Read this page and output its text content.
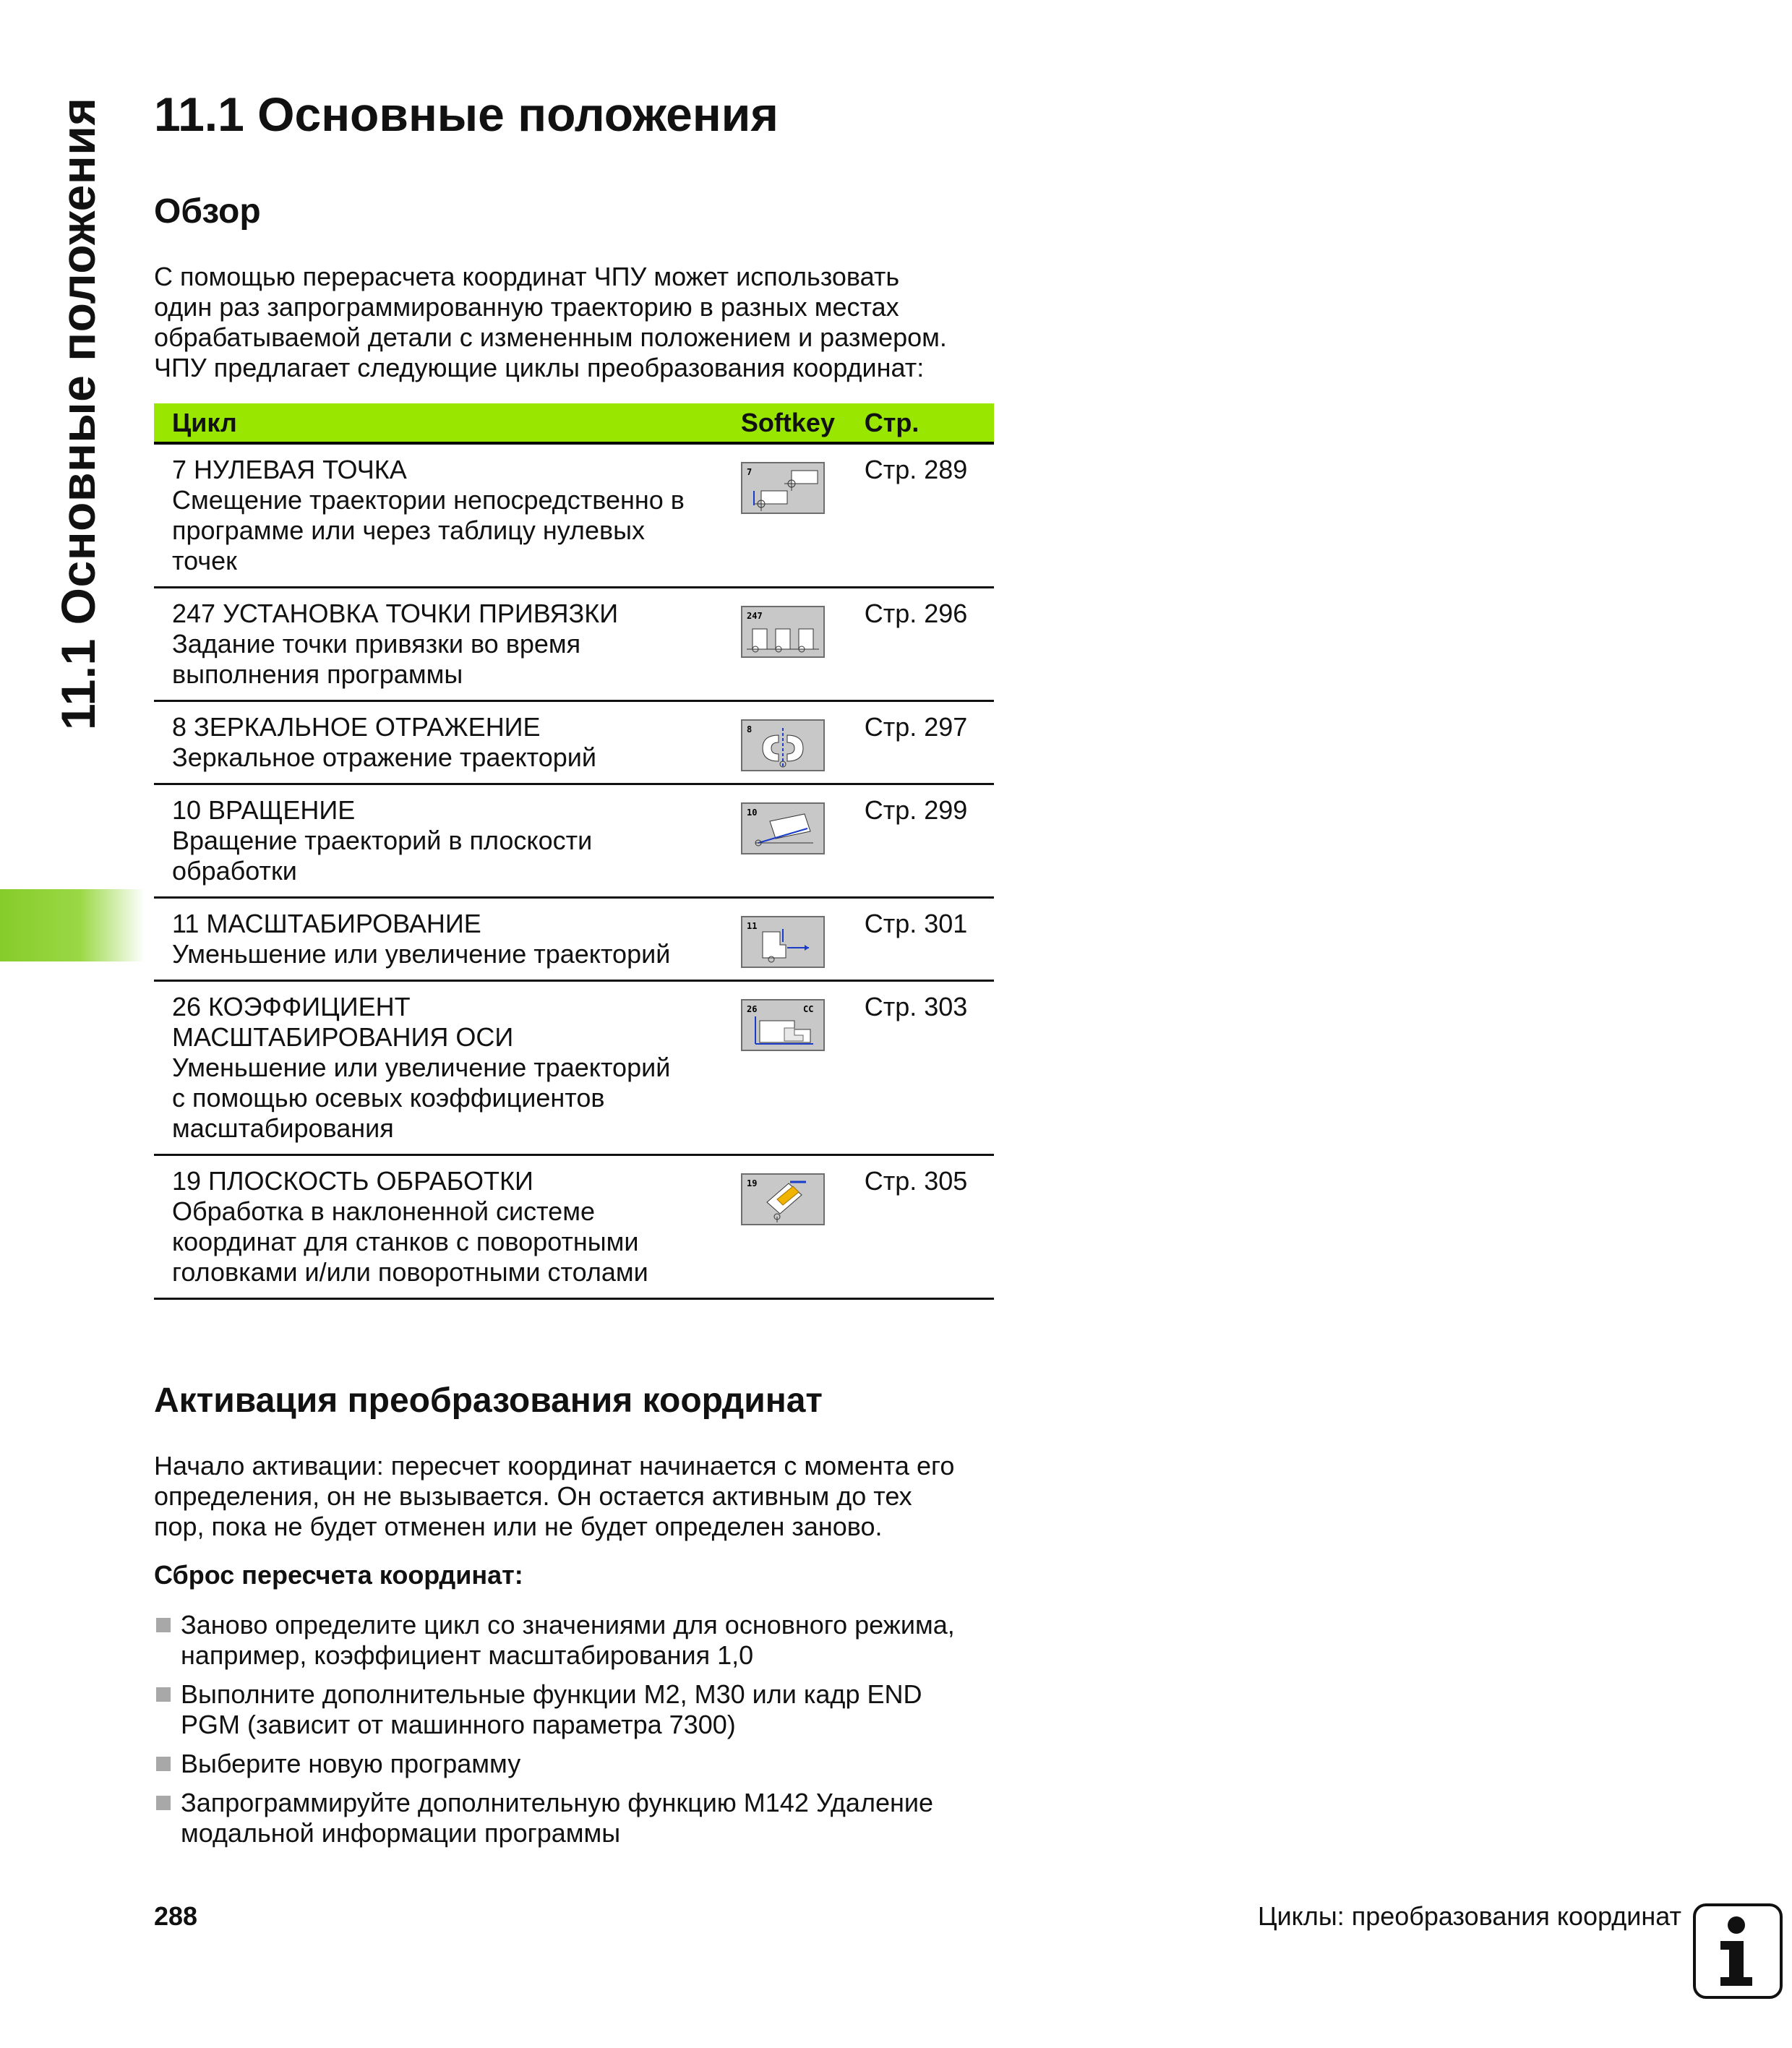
11.1 Основные положения 11.1 Основные положения
Обзор
С помощью перерасчета координат ЧПУ может использовать
один раз запрограммированную траекторию в разных местах
обрабатываемой детали с измененным положением и размером.
ЧПУ предлагает следующие циклы преобразования координат:
Цикл	Softkey	Стр.

7 НУЛЕВАЯ ТОЧКА
Смещение траектории непосредственно в
программе или через таблицу нулевых
точек	7	Стр. 289

247 УСТАНОВКА ТОЧКИ ПРИВЯЗКИ
Задание точки привязки во время
выполнения программы	247	Стр. 296

8 ЗЕРКАЛЬНОЕ ОТРАЖЕНИЕ
Зеркальное отражение траекторий	8	Стр. 297

10 ВРАЩЕНИЕ
Вращение траекторий в плоскости
обработки	10	Стр. 299

11 МАСШТАБИРОВАНИЕ
Уменьшение или увеличение траекторий	11	Стр. 301

26 КОЭФФИЦИЕНТ
МАСШТАБИРОВАНИЯ ОСИ
Уменьшение или увеличение траекторий
с помощью осевых коэффициентов
масштабирования	26 CC	Стр. 303

19 ПЛОСКОСТЬ ОБРАБОТКИ
Обработка в наклоненной системе
координат для станков с поворотными
головками и/или поворотными столами	19	Стр. 305
Активация преобразования координат
Начало активации: пересчет координат начинается с момента его
определения, он не вызывается. Он остается активным до тех
пор, пока не будет отменен или не будет определен заново.
Сброс пересчета координат:
Заново определите цикл со значениями для основного режима,
например, коэффициент масштабирования 1,0
Выполните дополнительные функции M2, M30 или кадр END
PGM (зависит от машинного параметра 7300)
Выберите новую программу
Запрограммируйте дополнительную функцию M142 Удаление
модальной информации программы
288	Циклы: преобразования координат
